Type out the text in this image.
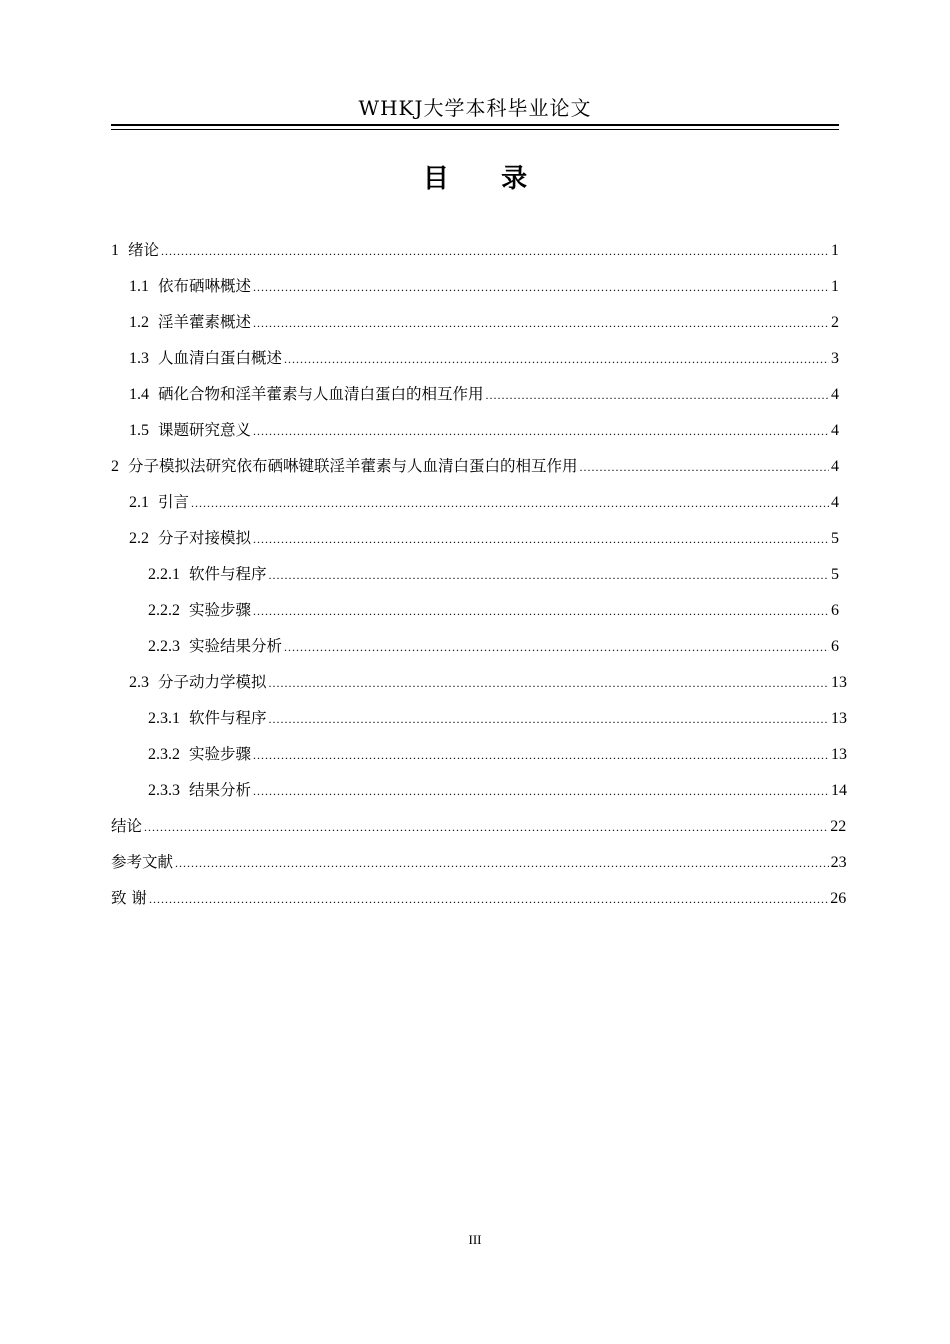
WHKJ大学本科毕业论文
目 录
1 绪论 .....	1
1.1 依布硒啉概述 .....	1
1.2 淫羊藿素概述 .....	2
1.3 人血清白蛋白概述 .....	3
1.4 硒化合物和淫羊藿素与人血清白蛋白的相互作用 .....	4
1.5 课题研究意义 .....	4
2 分子模拟法研究依布硒啉键联淫羊藿素与人血清白蛋白的相互作用 .....	4
2.1 引言 .....	4
2.2 分子对接模拟 .....	5
2.2.1 软件与程序 .....	5
2.2.2 实验步骤 .....	6
2.2.3 实验结果分析 .....	6
2.3 分子动力学模拟 .....	13
2.3.1 软件与程序 .....	13
2.3.2 实验步骤 .....	13
2.3.3 结果分析 .....	14
结论 .....	22
参考文献 .....	23
致 谢 .....	26
III
